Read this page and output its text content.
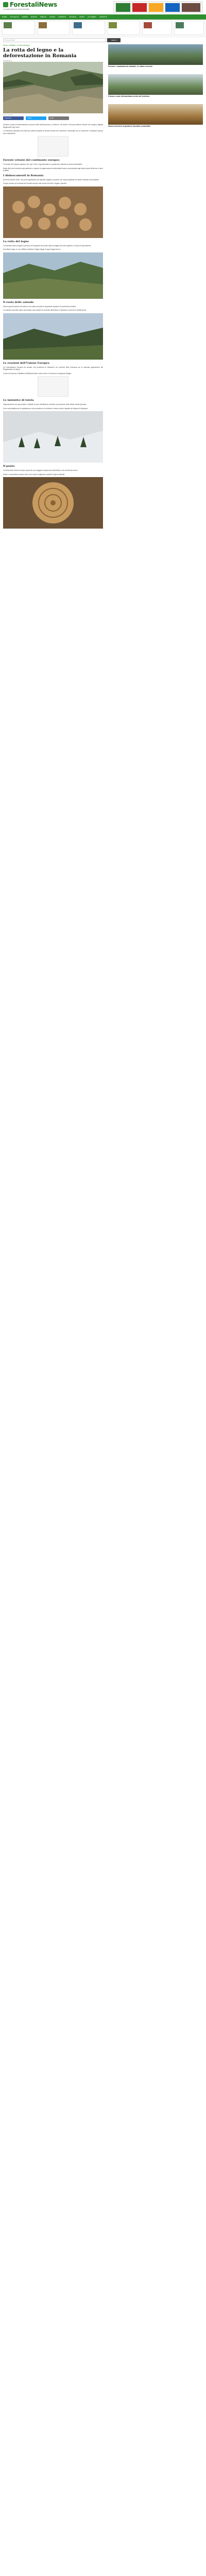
ForestaliNews
La rivista online sul mondo forestale
HOME ATTUALITÀ ALBERI BOSCHI PARCHI LEGNO FORESTE TECNICA VIDEO CHI SIAMO CONTATTI
Cerca nel sito	CERCA
Home > Attualità > La rotta del legno
La rotta del legno e la deforestazione in Romania
di Redazione
Foto di archivio
Facebook	Twitter	Email
Foreste e cambiamenti climatici: le ultime ricerche
Il bosco come infrastruttura verde del territorio
Nuove tecniche di gestione forestale sostenibile

Quando si parla di deforestazione si pensa subito all'Amazzonia o al Borneo, ma anche in Europa esistono foreste che vengono tagliate illegalmente ogni anno.

La Romania custodisce una delle più estese superfici di foreste vetuste del continente, minacciate da un commercio di legname spesso poco trasparente.

Foreste vetuste del continente europeo

Le foreste dei Carpazi ospitano orsi, lupi e linci e rappresentano un patrimonio naturale di valore inestimabile.

Negli ultimi anni inchieste giornalistiche e rapporti di organizzazioni ambientaliste hanno documentato tagli estesi anche all'interno di aree protette.

I disboscamenti in Romania

Secondo diverse stime, una parte significativa del legname tagliato nel paese non risulta registrata nei sistemi ufficiali di tracciabilità.

Il legno prende poi la strada dei mercati europei sotto forma di tronchi, segati e pannelli.

La rotta del legno

Le inchieste hanno seguito il percorso del legname dai boschi delle montagne fino alle segherie e ai porti di esportazione.

Una filiera lunga, in cui è difficile verificare l'origine legale di ogni singolo tronco.

Il ruolo delle aziende

Alcune grandi imprese del settore sono state accusate di acquistare legname di provenienza dubbia.

Le aziende coinvolte hanno annunciato nuovi sistemi di controllo della filiera e l'adesione a schemi di certificazione.

Le reazioni dell'Unione Europea

La Commissione Europea ha avviato una procedura di infrazione nei confronti della Romania per la mancata applicazione del Regolamento sul legno.

Il caso ha riacceso il dibattito sull'efficacia delle norme contro il commercio di legname illegale.

Le iniziative di tutela

Organizzazioni non governative e cittadini si sono mobilitati per chiedere la protezione delle ultime foreste primarie.

Sono nate piattaforme di segnalazione che permettono di verificare in tempo reale la legalità dei trasporti di legname.

Il punto

La tutela delle foreste europee passa da una maggiore trasparenza della filiera e da controlli più severi.

Anche i consumatori possono fare la loro parte scegliendo prodotti in legno certificati.
